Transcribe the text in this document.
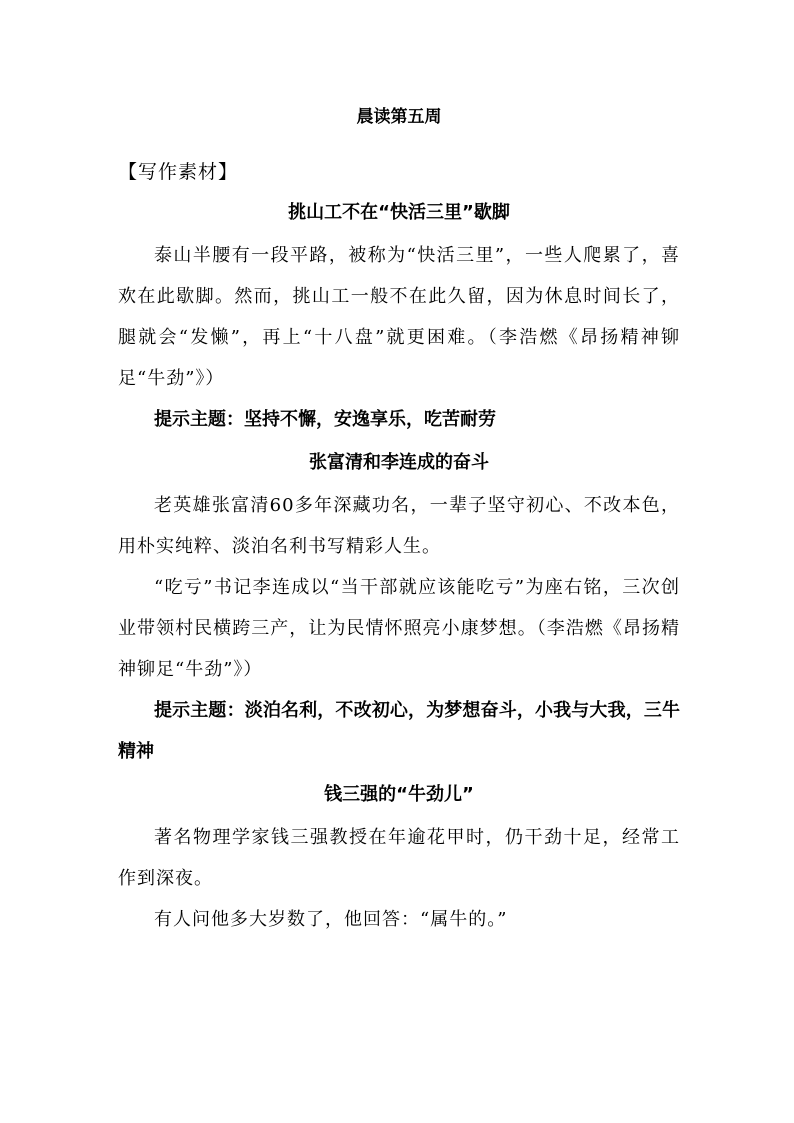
晨读第五周

【写作素材】

挑山工不在“快活三里”歇脚

泰山半腰有一段平路，被称为“快活三里”，一些人爬累了，喜欢在此歇脚。然而，挑山工一般不在此久留，因为休息时间长了，腿就会“发懒”，再上“十八盘”就更困难。（李浩燃《昂扬精神铆足“牛劲”》）

提示主题：坚持不懈，安逸享乐，吃苦耐劳

张富清和李连成的奋斗

老英雄张富清60多年深藏功名，一辈子坚守初心、不改本色，用朴实纯粹、淡泊名利书写精彩人生。

“吃亏”书记李连成以“当干部就应该能吃亏”为座右铭，三次创业带领村民横跨三产，让为民情怀照亮小康梦想。（李浩燃《昂扬精神铆足“牛劲”》）

提示主题：淡泊名利，不改初心，为梦想奋斗，小我与大我，三牛精神

钱三强的“牛劲儿”

著名物理学家钱三强教授在年逾花甲时，仍干劲十足，经常工作到深夜。

有人问他多大岁数了，他回答：“属牛的。”
